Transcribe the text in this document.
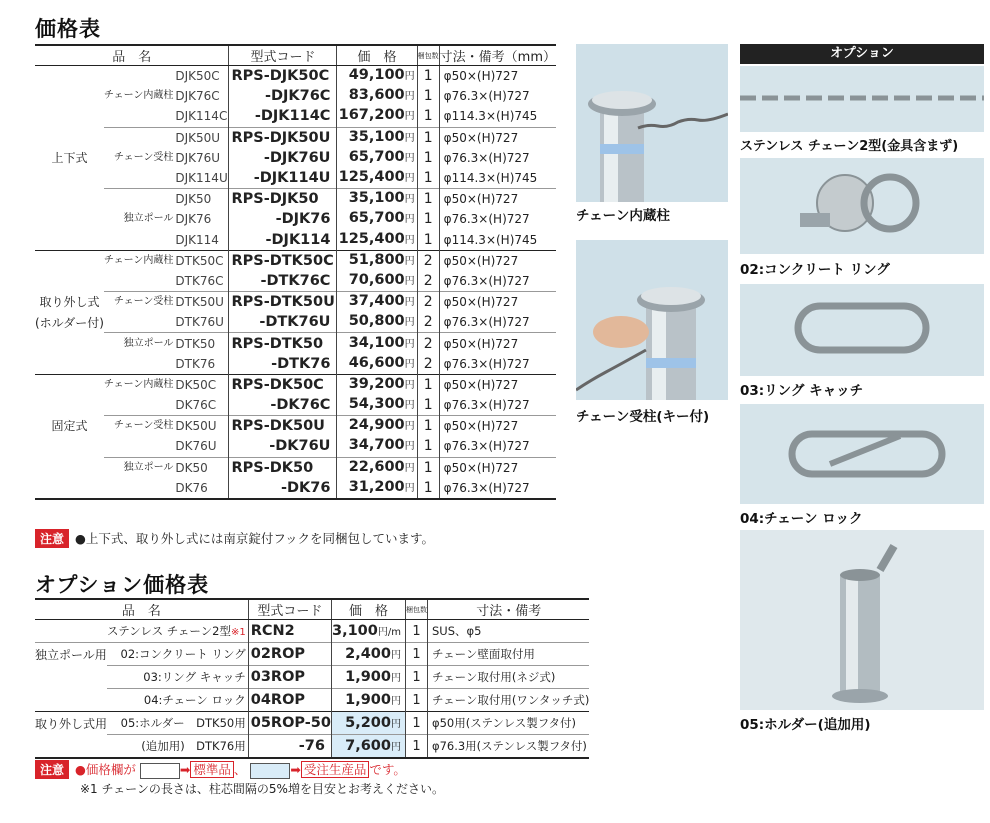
価格表
品　名			型式コード	価　格	梱包数	寸法・備考（mm）
		DJK50C	RPS-DJK50C	49,100円	1	φ50×(H)727
	チェーン内蔵柱	DJK76C	-DJK76C	83,600円	1	φ76.3×(H)727
		DJK114C	-DJK114C	167,200円	1	φ114.3×(H)745
		DJK50U	RPS-DJK50U	35,100円	1	φ50×(H)727
上下式	チェーン受柱	DJK76U	-DJK76U	65,700円	1	φ76.3×(H)727
		DJK114U	-DJK114U	125,400円	1	φ114.3×(H)745
		DJK50	RPS-DJK50	35,100円	1	φ50×(H)727
	独立ポール	DJK76	-DJK76	65,700円	1	φ76.3×(H)727
		DJK114	-DJK114	125,400円	1	φ114.3×(H)745
	チェーン内蔵柱	DTK50C	RPS-DTK50C	51,800円	2	φ50×(H)727
		DTK76C	-DTK76C	70,600円	2	φ76.3×(H)727
取り外し式	チェーン受柱	DTK50U	RPS-DTK50U	37,400円	2	φ50×(H)727
(ホルダー付)		DTK76U	-DTK76U	50,800円	2	φ76.3×(H)727
	独立ポール	DTK50	RPS-DTK50	34,100円	2	φ50×(H)727
		DTK76	-DTK76	46,600円	2	φ76.3×(H)727
	チェーン内蔵柱	DK50C	RPS-DK50C	39,200円	1	φ50×(H)727
		DK76C	-DK76C	54,300円	1	φ76.3×(H)727
固定式	チェーン受柱	DK50U	RPS-DK50U	24,900円	1	φ50×(H)727
		DK76U	-DK76U	34,700円	1	φ76.3×(H)727
	独立ポール	DK50	RPS-DK50	22,600円	1	φ50×(H)727
		DK76	-DK76	31,200円	1	φ76.3×(H)727
注意 ●上下式、取り外し式には南京錠付フックを同梱包しています。
オプション価格表
品　名		型式コード	価　格	梱包数	寸法・備考
	ステンレス チェーン2型※1	RCN2	3,100円/m	1	SUS、φ5
独立ポール用	02:コンクリート リング	02ROP	2,400円	1	チェーン壁面取付用
	03:リング キャッチ	03ROP	1,900円	1	チェーン取付用(ネジ式)
	04:チェーン ロック	04ROP	1,900円	1	チェーン取付用(ワンタッチ式)
取り外し式用	05:ホルダー　DTK50用	05ROP-50	5,200円	1	φ50用(ステンレス製フタ付)
	(追加用)　DTK76用	-76	7,600円	1	φ76.3用(ステンレス製フタ付)
注意 ●価格欄が	➡ 標準品 、	➡ 受注生産品 です。
※1 チェーンの長さは、柱芯間隔の5%増を目安とお考えください。
チェーン内蔵柱
チェーン受柱(キー付)
オプション
ステンレス チェーン2型(金具含まず)
02:コンクリート リング
03:リング キャッチ
04:チェーン ロック
05:ホルダー(追加用)
